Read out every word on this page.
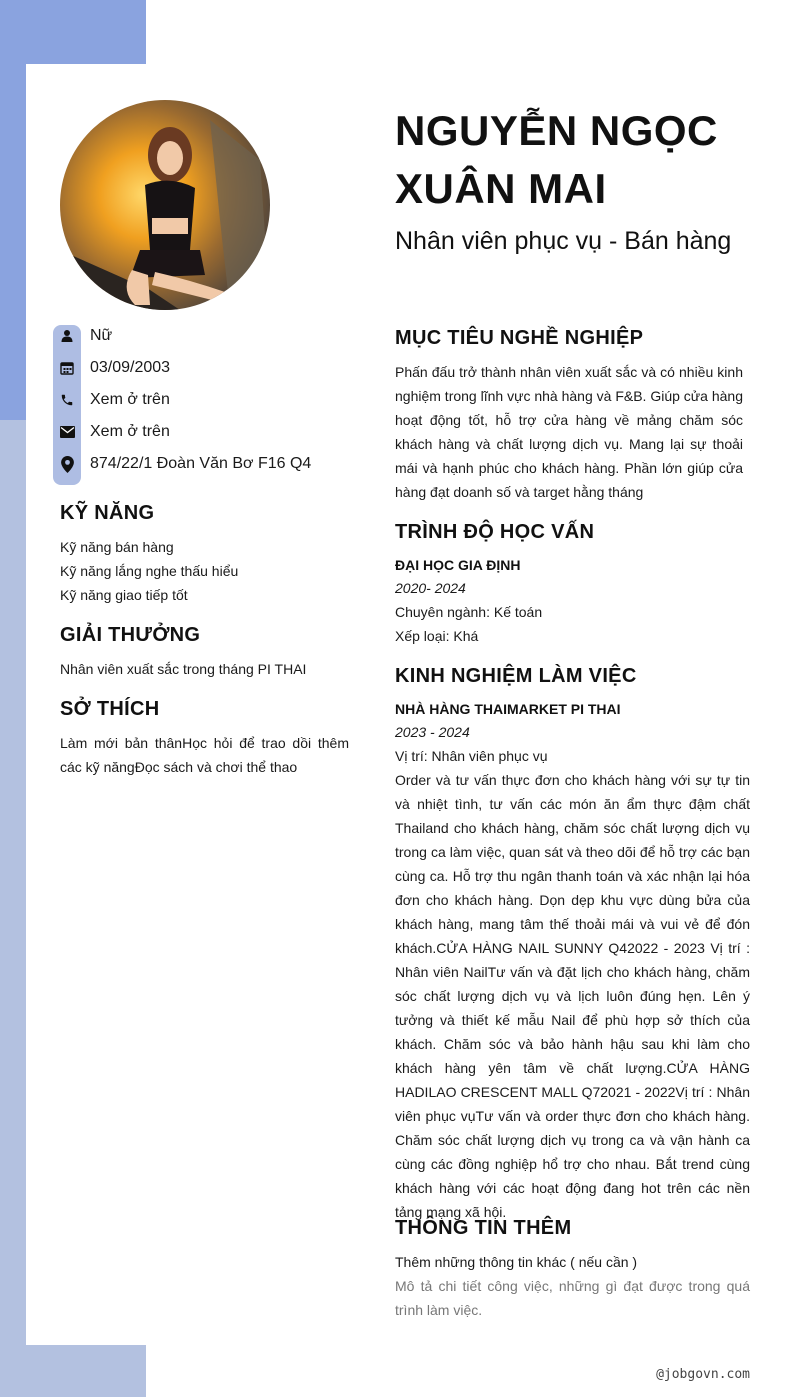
NGUYỄN NGỌC XUÂN MAI
Nhân viên phục vụ - Bán hàng
Nữ
03/09/2003
Xem ở trên
Xem ở trên
874/22/1 Đoàn Văn Bơ F16 Q4
KỸ NĂNG
Kỹ năng bán hàng
Kỹ năng lắng nghe thấu hiểu
Kỹ năng giao tiếp tốt
GIẢI THƯỞNG
Nhân viên xuất sắc trong tháng PI THAI
SỞ THÍCH
Làm mới bản thânHọc hỏi để trao dồi thêm các kỹ năngĐọc sách và chơi thể thao
MỤC TIÊU NGHỀ NGHIỆP
Phấn đấu trở thành nhân viên xuất sắc và có nhiều kinh nghiệm trong lĩnh vực nhà hàng và F&B. Giúp cửa hàng hoạt động tốt, hỗ trợ cửa hàng về mảng chăm sóc khách hàng và chất lượng dịch vụ. Mang lại sự thoải mái và hạnh phúc cho khách hàng. Phần lớn giúp cửa hàng đạt doanh số và target hằng tháng
TRÌNH ĐỘ HỌC VẤN
ĐẠI HỌC GIA ĐỊNH
2020- 2024
Chuyên ngành: Kế toán
Xếp loại: Khá
KINH NGHIỆM LÀM VIỆC
NHÀ HÀNG THAIMARKET PI THAI
2023 - 2024
Vị trí: Nhân viên phục vụ
Order và tư vấn thực đơn cho khách hàng với sự tự tin và nhiệt tình, tư vấn các món ăn ẩm thực đậm chất Thailand cho khách hàng, chăm sóc chất lượng dịch vụ trong ca làm việc, quan sát và theo dõi để hỗ trợ các bạn cùng ca. Hỗ trợ thu ngân thanh toán và xác nhận lại hóa đơn cho khách hàng. Dọn dẹp khu vực dùng bửa của khách hàng, mang tâm thế thoải mái và vui vẻ để đón khách.CỬA HÀNG NAIL SUNNY Q42022 - 2023 Vị trí : Nhân viên NailTư vấn và đặt lịch cho khách hàng, chăm sóc chất lượng dịch vụ và lịch luôn đúng hẹn. Lên ý tưởng và thiết kế mẫu Nail để phù hợp sở thích của khách. Chăm sóc và bảo hành hậu sau khi làm cho khách hàng yên tâm về chất lượng.CỬA HÀNG HADILAO CRESCENT MALL Q72021 - 2022Vị trí : Nhân viên phục vụTư vấn và order thực đơn cho khách hàng. Chăm sóc chất lượng dịch vụ trong ca và vận hành ca cùng các đồng nghiệp hổ trợ cho nhau. Bắt trend cùng khách hàng với các hoạt động đang hot trên các nền tảng mạng xã hội.
THÔNG TIN THÊM
Thêm những thông tin khác ( nếu cần )
Mô tả chi tiết công việc, những gì đạt được trong quá trình làm việc.
@jobgovn.com
